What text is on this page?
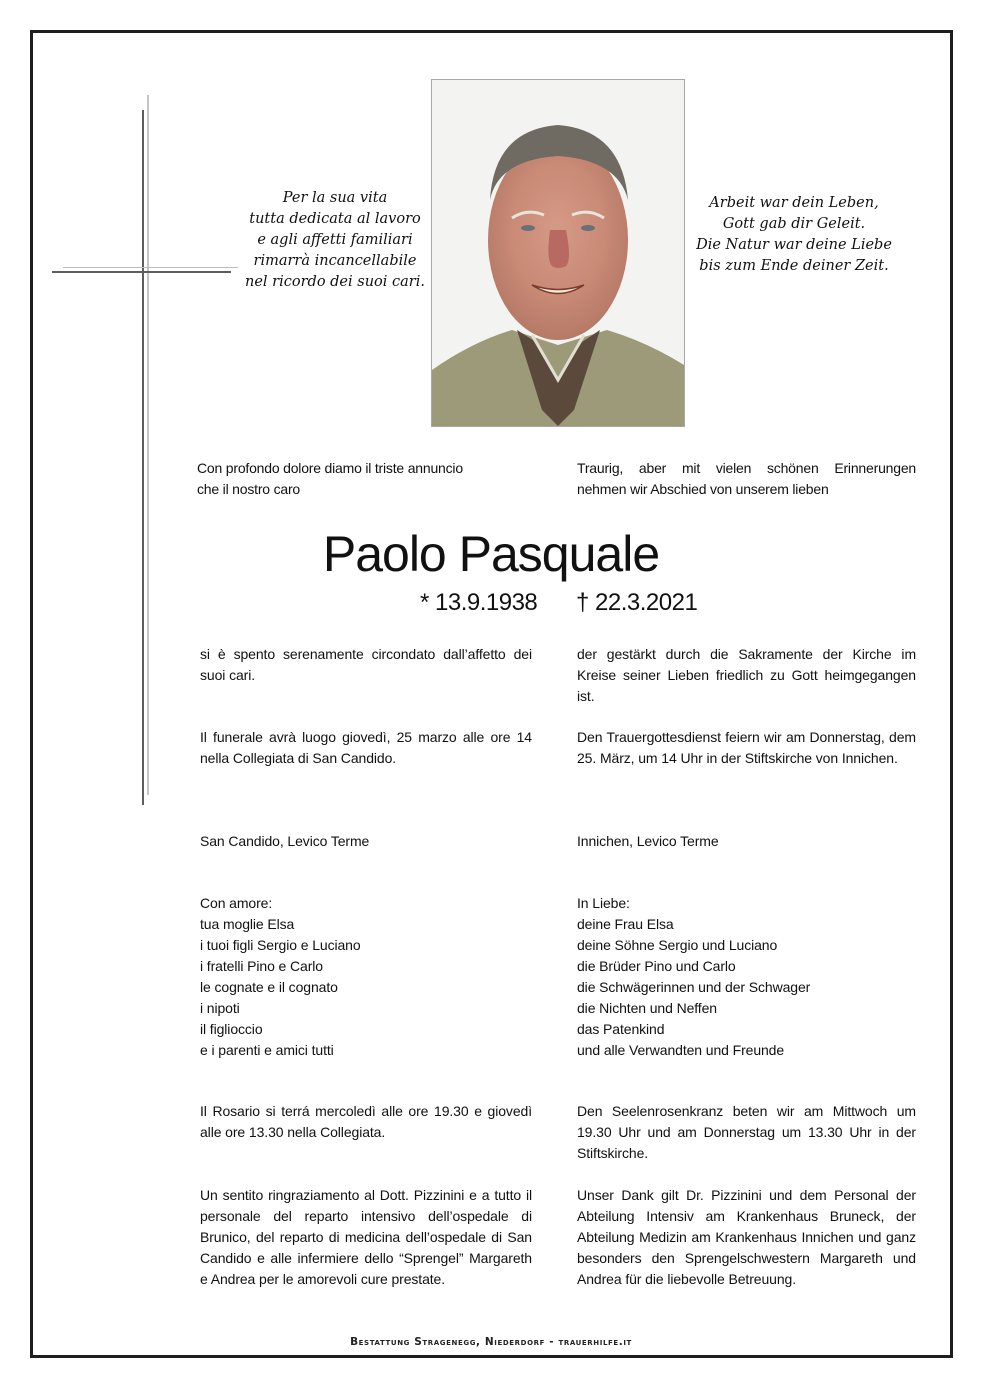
Per la sua vita
tutta dedicata al lavoro
e agli affetti familiari
rimarrà incancellabile
nel ricordo dei suoi cari.
Arbeit war dein Leben,
Gott gab dir Geleit.
Die Natur war deine Liebe
bis zum Ende deiner Zeit.
Con profondo dolore diamo il triste annuncio
che il nostro caro
Traurig, aber mit vielen schönen Erinnerungen
nehmen wir Abschied von unserem lieben
Paolo Pasquale
* 13.9.1938 † 22.3.2021
si è spento serenamente circondato dall’affetto dei suoi cari.
Il funerale avrà luogo giovedì, 25 marzo alle ore 14 nella Collegiata di San Candido.
San Candido, Levico Terme
Con amore:
tua moglie Elsa
i tuoi figli Sergio e Luciano
i fratelli Pino e Carlo
le cognate e il cognato
i nipoti
il figlioccio
e i parenti e amici tutti
Il Rosario si terrá mercoledì alle ore 19.30 e giovedì alle ore 13.30 nella Collegiata.
Un sentito ringraziamento al Dott. Pizzinini e a tutto il personale del reparto intensivo dell’ospedale di Brunico, del reparto di medicina dell’ospedale di San Candido e alle infermiere dello “Sprengel” Margareth e Andrea per le amorevoli cure prestate.
der gestärkt durch die Sakramente der Kirche im Kreise seiner Lieben friedlich zu Gott heimgegangen ist.
Den Trauergottesdienst feiern wir am Donnerstag, dem 25. März, um 14 Uhr in der Stiftskirche von Innichen.
Innichen, Levico Terme
In Liebe:
deine Frau Elsa
deine Söhne Sergio und Luciano
die Brüder Pino und Carlo
die Schwägerinnen und der Schwager
die Nichten und Neffen
das Patenkind
und alle Verwandten und Freunde
Den Seelenrosenkranz beten wir am Mittwoch um 19.30 Uhr und am Donnerstag um 13.30 Uhr in der Stiftskirche.
Unser Dank gilt Dr. Pizzinini und dem Personal der Abteilung Intensiv am Krankenhaus Bruneck, der Abteilung Medizin am Krankenhaus Innichen und ganz besonders den Sprengelschwestern Margareth und Andrea für die liebevolle Betreuung.
Bestattung Stragenegg, Niederdorf - trauerhilfe.it
